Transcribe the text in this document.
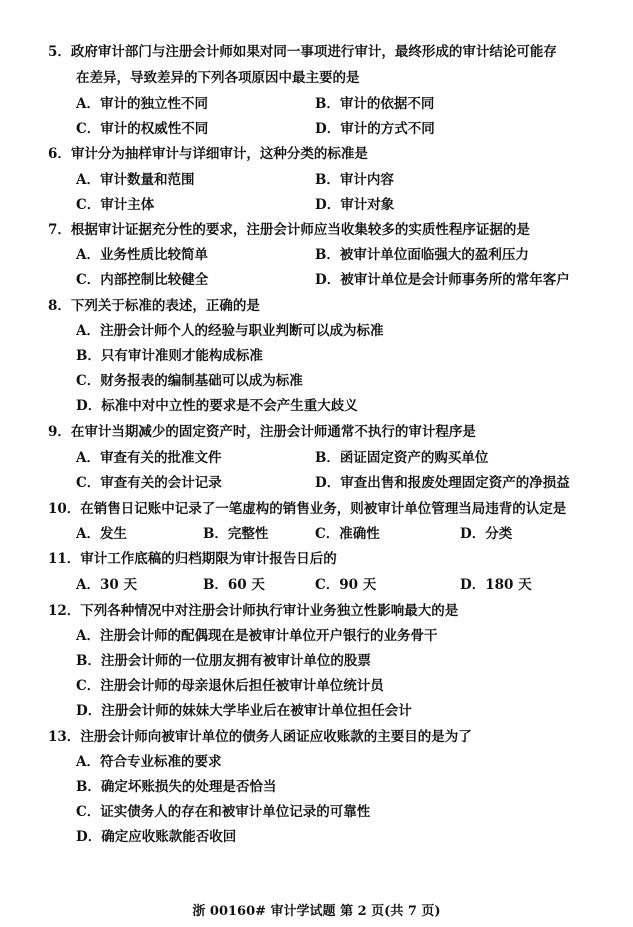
5．政府审计部门与注册会计师如果对同一事项进行审计，最终形成的审计结论可能存
在差异，导致差异的下列各项原因中最主要的是
A．审计的独立性不同	B．审计的依据不同
C．审计的权威性不同	D．审计的方式不同
6．审计分为抽样审计与详细审计，这种分类的标准是
A．审计数量和范围	B．审计内容
C．审计主体	D．审计对象
7．根据审计证据充分性的要求，注册会计师应当收集较多的实质性程序证据的是
A．业务性质比较简单	B．被审计单位面临强大的盈利压力
C．内部控制比较健全	D．被审计单位是会计师事务所的常年客户
8．下列关于标准的表述，正确的是
A．注册会计师个人的经验与职业判断可以成为标准
B．只有审计准则才能构成标准
C．财务报表的编制基础可以成为标准
D．标准中对中立性的要求是不会产生重大歧义
9．在审计当期减少的固定资产时，注册会计师通常不执行的审计程序是
A．审查有关的批准文件	B．函证固定资产的购买单位
C．审查有关的会计记录	D．审查出售和报废处理固定资产的净损益
10．在销售日记账中记录了一笔虚构的销售业务，则被审计单位管理当局违背的认定是
A．发生	B．完整性	C．准确性	D．分类
11．审计工作底稿的归档期限为审计报告日后的
A．30 天	B．60 天	C．90 天	D．180 天
12．下列各种情况中对注册会计师执行审计业务独立性影响最大的是
A．注册会计师的配偶现在是被审计单位开户银行的业务骨干
B．注册会计师的一位朋友拥有被审计单位的股票
C．注册会计师的母亲退休后担任被审计单位统计员
D．注册会计师的妹妹大学毕业后在被审计单位担任会计
13．注册会计师向被审计单位的债务人函证应收账款的主要目的是为了
A．符合专业标准的要求
B．确定坏账损失的处理是否恰当
C．证实债务人的存在和被审计单位记录的可靠性
D．确定应收账款能否收回
浙 00160# 审计学试题 第 2 页(共 7 页)
